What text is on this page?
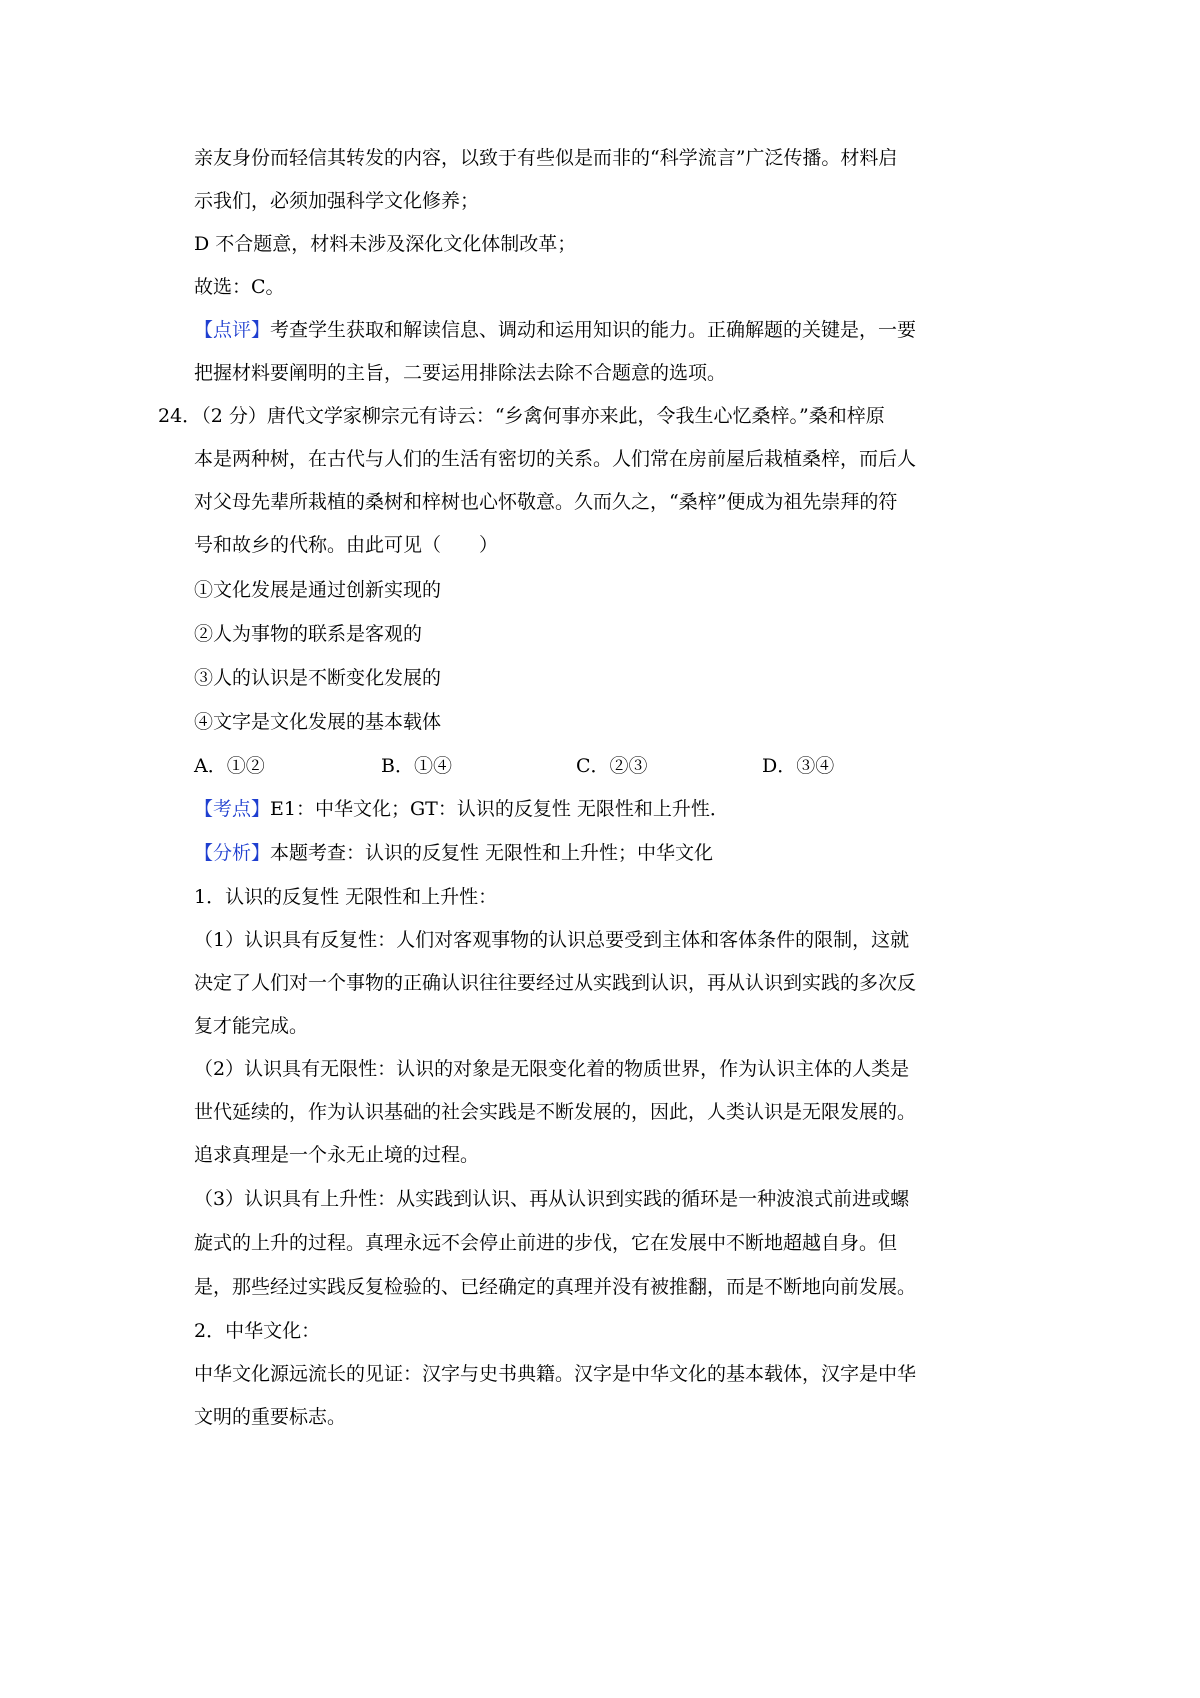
亲友身份而轻信其转发的内容，以致于有些似是而非的“科学流言”广泛传播。材料启
示我们，必须加强科学文化修养；
D 不合题意，材料未涉及深化文化体制改革；
故选：C。
【点评】考查学生获取和解读信息、调动和运用知识的能力。正确解题的关键是，一要
把握材料要阐明的主旨，二要运用排除法去除不合题意的选项。
24．（2 分）唐代文学家柳宗元有诗云：“乡禽何事亦来此，令我生心忆桑梓。”桑和梓原
本是两种树，在古代与人们的生活有密切的关系。人们常在房前屋后栽植桑梓，而后人
对父母先辈所栽植的桑树和梓树也心怀敬意。久而久之，“桑梓”便成为祖先崇拜的符
号和故乡的代称。由此可见（　　）
①文化发展是通过创新实现的
②人为事物的联系是客观的
③人的认识是不断变化发展的
④文字是文化发展的基本载体
A．①②	B．①④	C．②③	D．③④
【考点】E1：中华文化；GT：认识的反复性 无限性和上升性．
【分析】本题考查：认识的反复性 无限性和上升性；中华文化
1．认识的反复性 无限性和上升性：
（1）认识具有反复性：人们对客观事物的认识总要受到主体和客体条件的限制，这就
决定了人们对一个事物的正确认识往往要经过从实践到认识，再从认识到实践的多次反
复才能完成。
（2）认识具有无限性：认识的对象是无限变化着的物质世界，作为认识主体的人类是
世代延续的，作为认识基础的社会实践是不断发展的，因此，人类认识是无限发展的。
追求真理是一个永无止境的过程。
（3）认识具有上升性：从实践到认识、再从认识到实践的循环是一种波浪式前进或螺
旋式的上升的过程。真理永远不会停止前进的步伐，它在发展中不断地超越自身。但
是，那些经过实践反复检验的、已经确定的真理并没有被推翻，而是不断地向前发展。
2．中华文化：
中华文化源远流长的见证：汉字与史书典籍。汉字是中华文化的基本载体，汉字是中华
文明的重要标志。
